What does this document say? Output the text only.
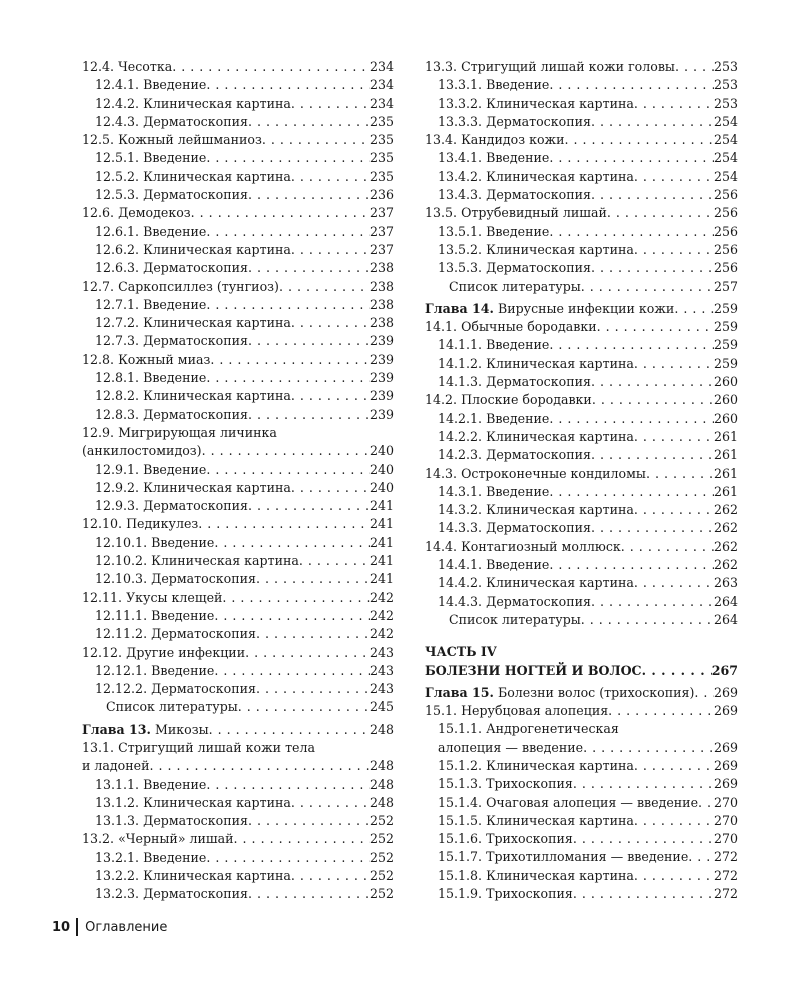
12.4. Чесотка . . .	234
12.4.1. Введение . . .	234
12.4.2. Клиническая картина . . .	234
12.4.3. Дерматоскопия . . .	235
12.5. Кожный лейшманиоз . . .	235
12.5.1. Введение . . .	235
12.5.2. Клиническая картина . . .	235
12.5.3. Дерматоскопия . . .	236
12.6. Демодекоз . . .	237
12.6.1. Введение . . .	237
12.6.2. Клиническая картина . . .	237
12.6.3. Дерматоскопия . . .	238
12.7. Саркопсиллез (тунгиоз) . . .	238
12.7.1. Введение . . .	238
12.7.2. Клиническая картина . . .	238
12.7.3. Дерматоскопия . . .	239
12.8. Кожный миаз . . .	239
12.8.1. Введение . . .	239
12.8.2. Клиническая картина . . .	239
12.8.3. Дерматоскопия . . .	239
12.9. Мигрирующая личинка
(анкилостомидоз) . . .	240
12.9.1. Введение . . .	240
12.9.2. Клиническая картина . . .	240
12.9.3. Дерматоскопия . . .	241
12.10. Педикулез . . .	241
12.10.1. Введение . . .	241
12.10.2. Клиническая картина . . .	241
12.10.3. Дерматоскопия . . .	241
12.11. Укусы клещей . . .	242
12.11.1. Введение . . .	242
12.11.2. Дерматоскопия . . .	242
12.12. Другие инфекции . . .	243
12.12.1. Введение . . .	243
12.12.2. Дерматоскопия . . .	243
Список литературы . . .	245
Глава 13. Микозы . . .	248
13.1. Стригущий лишай кожи тела
и ладоней . . .	248
13.1.1. Введение . . .	248
13.1.2. Клиническая картина . . .	248
13.1.3. Дерматоскопия . . .	252
13.2. «Черный» лишай . . .	252
13.2.1. Введение . . .	252
13.2.2. Клиническая картина . . .	252
13.2.3. Дерматоскопия . . .	252
13.3. Стригущий лишай кожи головы . . .	253
13.3.1. Введение . . .	253
13.3.2. Клиническая картина . . .	253
13.3.3. Дерматоскопия . . .	254
13.4. Кандидоз кожи . . .	254
13.4.1. Введение . . .	254
13.4.2. Клиническая картина . . .	254
13.4.3. Дерматоскопия . . .	256
13.5. Отрубевидный лишай . . .	256
13.5.1. Введение . . .	256
13.5.2. Клиническая картина . . .	256
13.5.3. Дерматоскопия . . .	256
Список литературы . . .	257
Глава 14. Вирусные инфекции кожи . . .	259
14.1. Обычные бородавки . . .	259
14.1.1. Введение . . .	259
14.1.2. Клиническая картина . . .	259
14.1.3. Дерматоскопия . . .	260
14.2. Плоские бородавки . . .	260
14.2.1. Введение . . .	260
14.2.2. Клиническая картина . . .	261
14.2.3. Дерматоскопия . . .	261
14.3. Остроконечные кондиломы . . .	261
14.3.1. Введение . . .	261
14.3.2. Клиническая картина . . .	262
14.3.3. Дерматоскопия . . .	262
14.4. Контагиозный моллюск . . .	262
14.4.1. Введение . . .	262
14.4.2. Клиническая картина . . .	263
14.4.3. Дерматоскопия . . .	264
Список литературы . . .	264
ЧАСТЬ IV
БОЛЕЗНИ НОГТЕЙ И ВОЛОС . . .	267
Глава 15. Болезни волос (трихоскопия) . . . 269
15.1. Нерубцовая алопеция . . .	269
15.1.1. Андрогенетическая
алопеция — введение . . .	269
15.1.2. Клиническая картина . . .	269
15.1.3. Трихоскопия . . .	269
15.1.4. Очаговая алопеция — введение . . . 270
15.1.5. Клиническая картина . . .	270
15.1.6. Трихоскопия . . .	270
15.1.7. Трихотилломания — введение . . . 272
15.1.8. Клиническая картина . . .	272
15.1.9. Трихоскопия . . .	272
10	Оглавление
